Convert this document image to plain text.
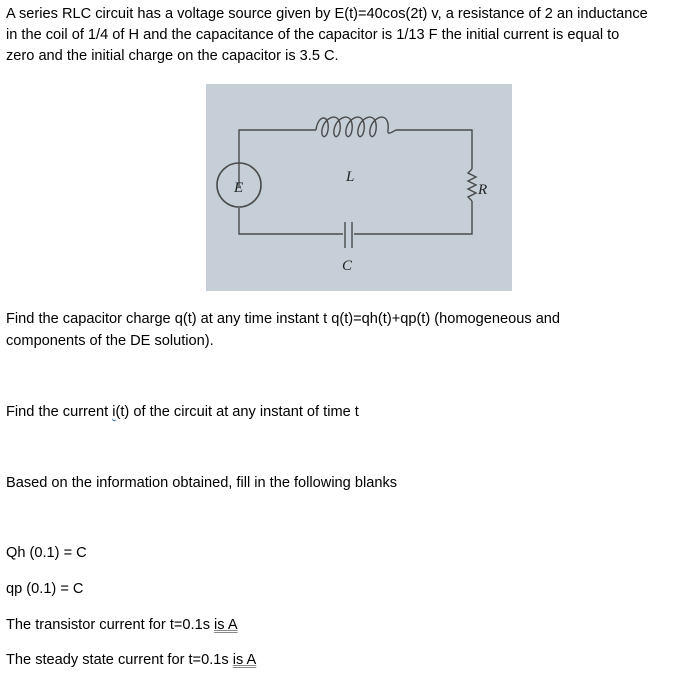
A series RLC circuit has a voltage source given by E(t)=40cos(2t) v, a resistance of 2 an inductance
in the coil of 1/4 of H and the capacitance of the capacitor is 1/13 F the initial current is equal to
zero and the initial charge on the capacitor is 3.5 C.
E
L
R
C
Find the capacitor charge q(t) at any time instant t q(t)=qh(t)+qp(t) (homogeneous and
components of the DE solution).
Find the current i(t) of the circuit at any instant of time t
Based on the information obtained, fill in the following blanks
Qh (0.1) = C
qp (0.1) = C
The transistor current for t=0.1s is A
The steady state current for t=0.1s is A
